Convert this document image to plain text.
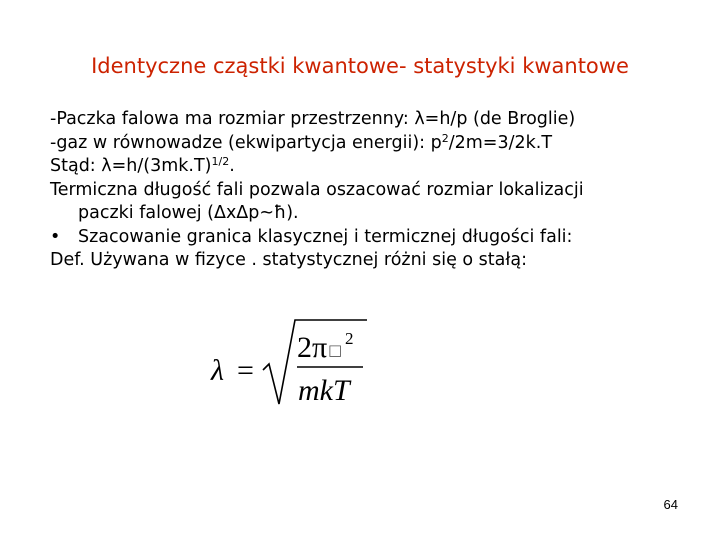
Identyczne cząstki kwantowe- statystyki kwantowe
-Paczka falowa ma rozmiar przestrzenny: λ=h/p (de Broglie)
-gaz w równowadze (ekwipartycja energii): $p^2/2m=3/2k.T$
Stąd: $\lambda=h/(3mk.T)^{1/2}$.
Termiczna długość fali pozwala oszacować rozmiar lokalizacji
paczki falowej (ΔxΔp~ħ).
• Szacowanie granica klasycznej i termicznej długości fali:
Def. Używana w fizyce . statystycznej różni się o stałą:
λ =
2π □
2
mkT
64
